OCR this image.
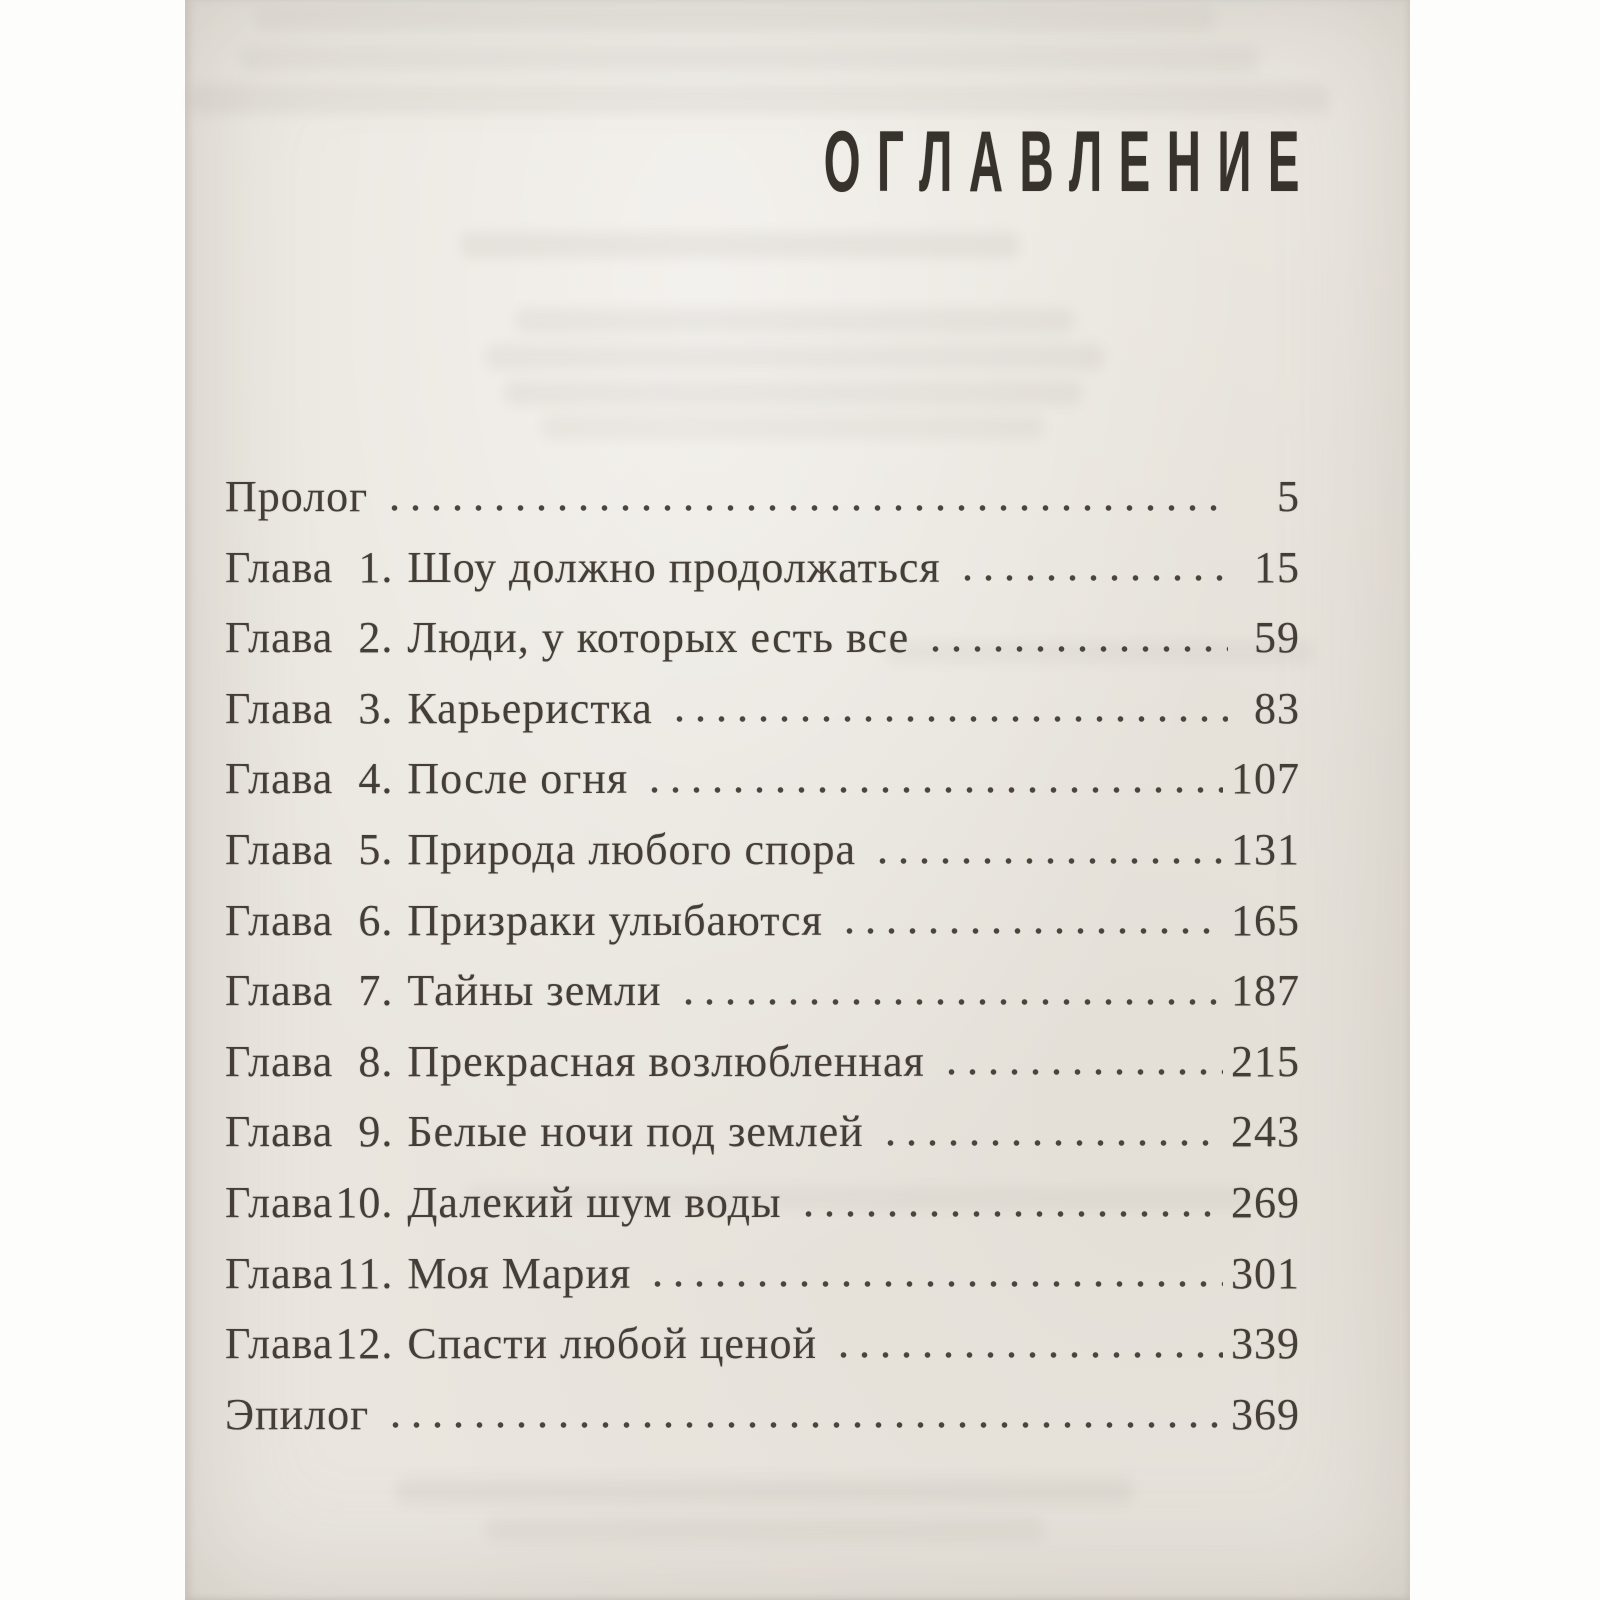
ОГЛАВЛЕНИЕ
Пролог	5
Глава 1. Шоу должно продолжаться	15
Глава 2. Люди, у которых есть все	59
Глава 3. Карьеристка	83
Глава 4. После огня	107
Глава 5. Природа любого спора	131
Глава 6. Призраки улыбаются	165
Глава 7. Тайны земли	187
Глава 8. Прекрасная возлюбленная	215
Глава 9. Белые ночи под землей	243
Глава 10. Далекий шум воды	269
Глава 11. Моя Мария	301
Глава 12. Спасти любой ценой	339
Эпилог	369
